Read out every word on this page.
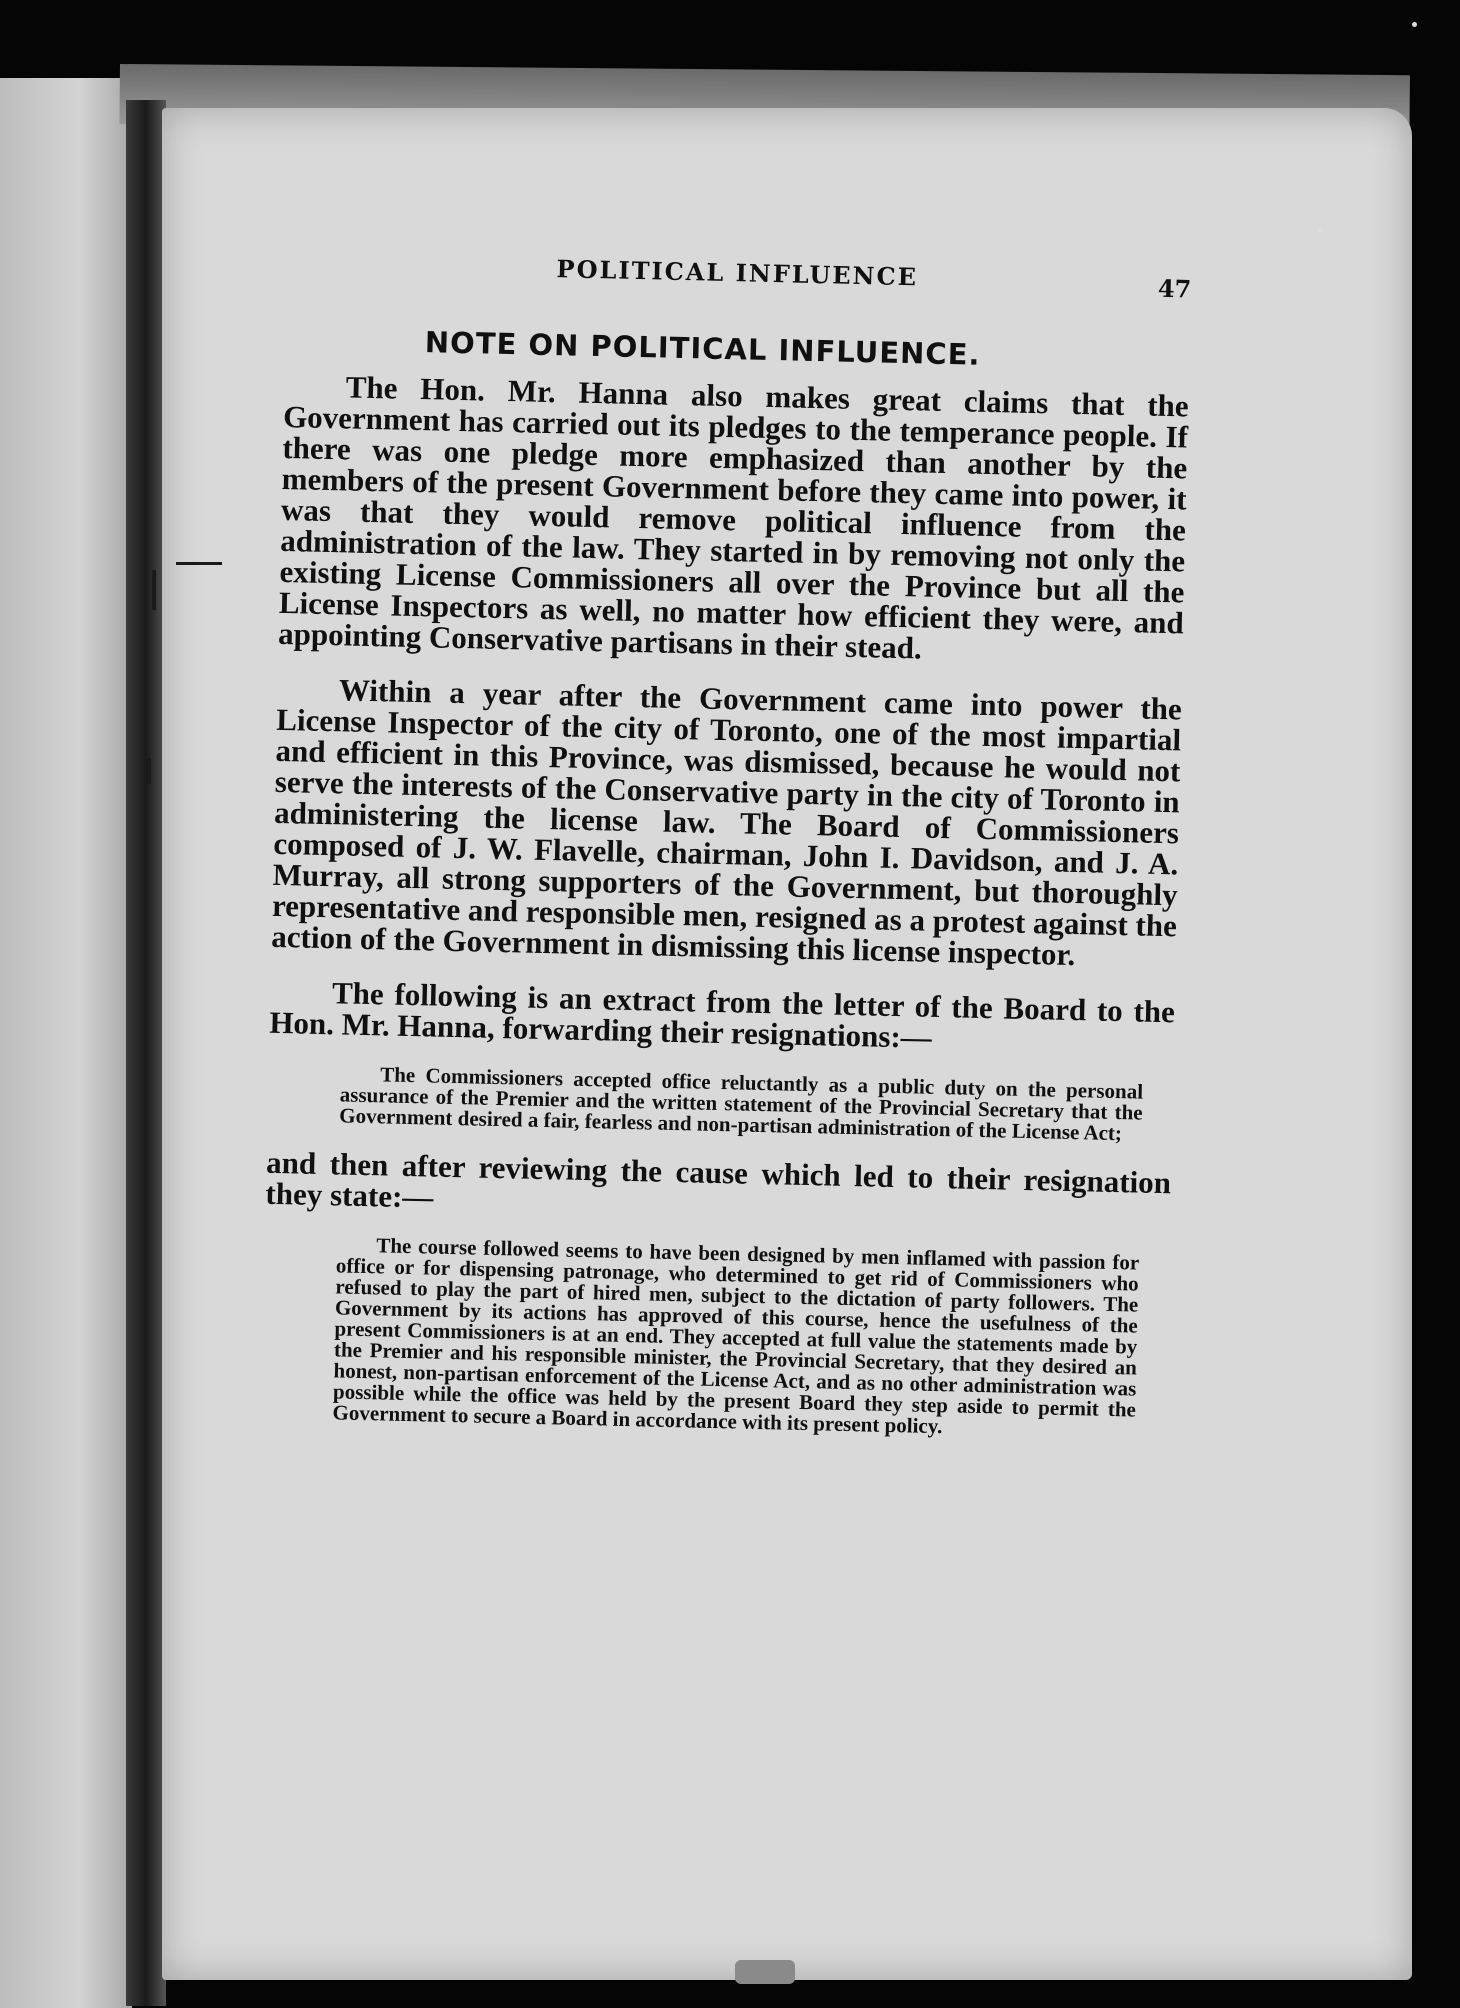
POLITICAL INFLUENCE	47
NOTE ON POLITICAL INFLUENCE.

The Hon. Mr. Hanna also makes great claims that the Government has carried out its pledges to the temperance people. If there was one pledge more emphasized than another by the members of the present Government before they came into power, it was that they would remove political influence from the administration of the law. They started in by removing not only the existing License Commissioners all over the Province but all the License Inspectors as well, no matter how efficient they were, and appointing Conservative partisans in their stead.

Within a year after the Government came into power the License Inspector of the city of Toronto, one of the most impartial and efficient in this Province, was dismissed, because he would not serve the interests of the Conservative party in the city of Toronto in administering the license law. The Board of Commissioners composed of J. W. Flavelle, chairman, John I. Davidson, and J. A. Murray, all strong supporters of the Government, but thoroughly representative and responsible men, resigned as a protest against the action of the Government in dismissing this license inspector.

The following is an extract from the letter of the Board to the Hon. Mr. Hanna, forwarding their resignations:—

The Commissioners accepted office reluctantly as a public duty on the personal assurance of the Premier and the written statement of the Provincial Secretary that the Government desired a fair, fearless and non-partisan administration of the License Act;

and then after reviewing the cause which led to their resignation they state:—

The course followed seems to have been designed by men inflamed with passion for office or for dispensing patronage, who determined to get rid of Commissioners who refused to play the part of hired men, subject to the dictation of party followers. The Government by its actions has approved of this course, hence the usefulness of the present Commissioners is at an end. They accepted at full value the statements made by the Premier and his responsible minister, the Provincial Secretary, that they desired an honest, non-partisan enforcement of the License Act, and as no other administration was possible while the office was held by the present Board they step aside to permit the Government to secure a Board in accordance with its present policy.
